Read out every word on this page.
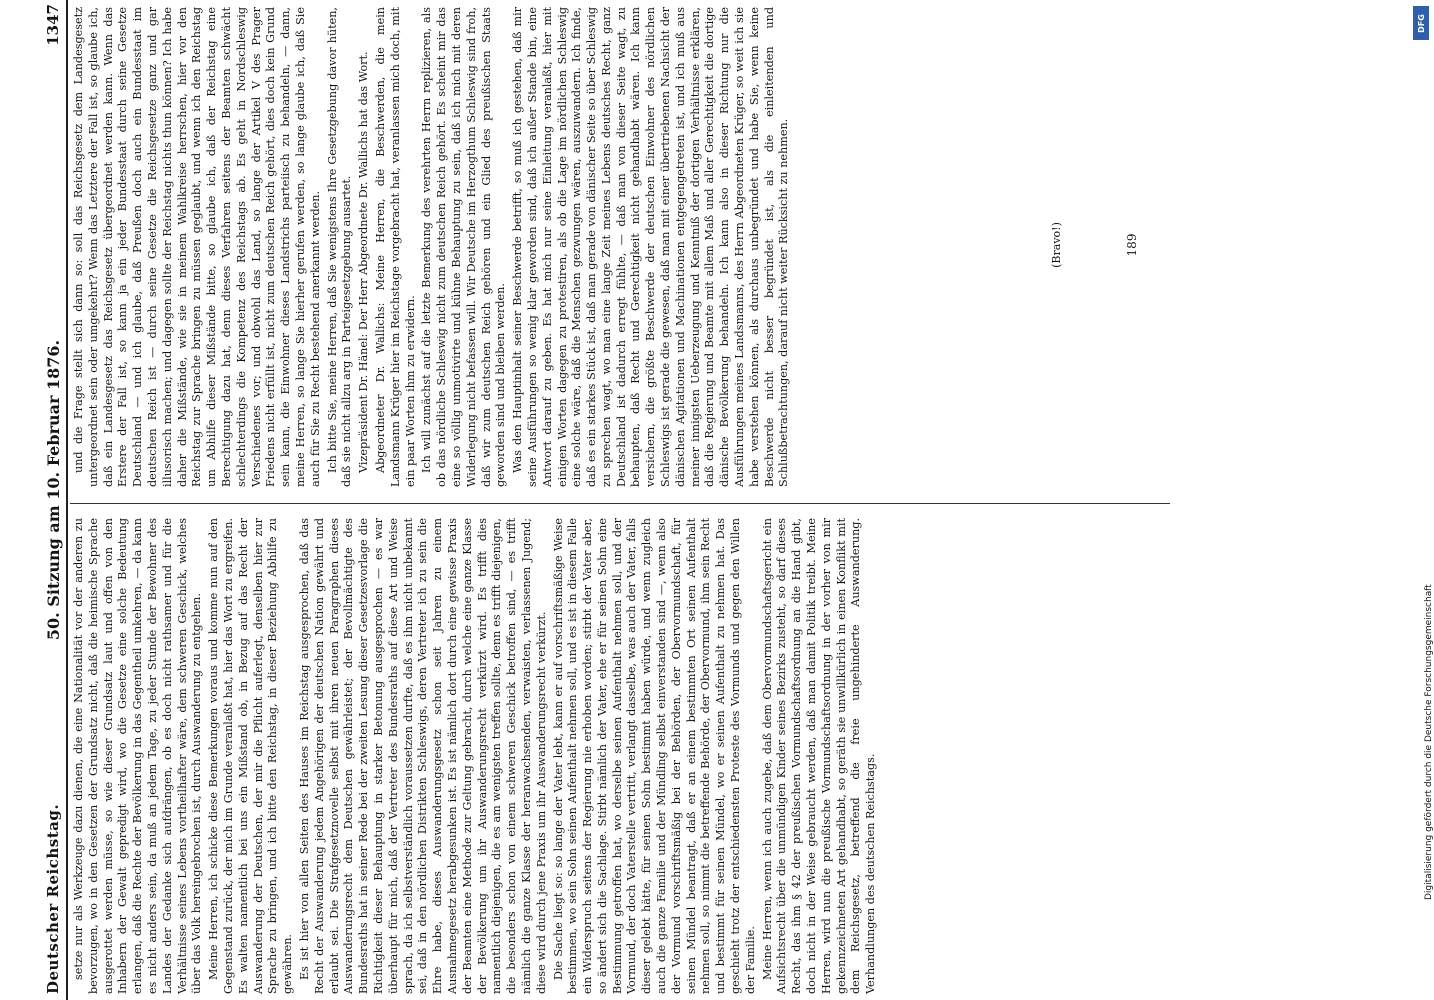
Deutscher Reichstag.
50. Sitzung am 10. Februar 1876.
1347

setze nur als Werkzeuge dazu dienen, die eine Nationalität vor der anderen zu bevorzugen, wo in den Gesetzen der Grundsatz nicht, daß die heimische Sprache ausgerottet werden müsse, so wie dieser Grundsatz laut und offen von den Inhabern der Gewalt gepredigt wird, wo die Gesetze eine solche Bedeutung erlangen, daß die Rechte der Bevölkerung in das Gegentheil umkehren, — da kann es nicht anders sein, da muß an jedem Tage, zu jeder Stunde der Bewohner des Landes der Gedanke sich aufdrängen, ob es doch nicht rathsamer und für die Verhältnisse seines Lebens vortheilhafter wäre, dem schweren Geschick, welches über das Volk hereingebrochen ist, durch Auswanderung zu entgehen. Meine Herren, ich schicke diese Bemerkungen voraus und komme nun auf den Gegenstand zurück, der mich im Grunde veranlaßt hat, hier das Wort zu ergreifen. Es walten namentlich bei uns ein Mißstand ob, in Bezug auf das Recht der Auswanderung der Deutschen, der mir die Pflicht auferlegt, denselben hier zur Sprache zu bringen, und ich bitte den Reichstag, in dieser Beziehung Abhilfe zu gewähren. Es ist hier von allen Seiten des Hauses im Reichstag ausgesprochen, daß das Recht der Auswanderung jedem Angehörigen der deutschen Nation gewährt und erlaubt sei. Die Strafgesetznovelle selbst mit ihren neuen Paragraphen dieses Auswanderungsrecht dem Deutschen gewährleistet; der Bevollmächtigte des Bundesraths hat in seiner Rede bei der zweiten Lesung dieser Gesetzesvorlage die Richtigkeit dieser Behauptung in starker Betonung ausgesprochen — es war überhaupt für mich, daß der Vertreter des Bundesraths auf diese Art und Weise sprach, da ich selbstverständlich voraussetzen durfte, daß es ihm nicht unbekannt sei, daß in den nördlichen Distrikten Schleswigs, deren Vertreter ich zu sein die Ehre habe, dieses Auswanderungsgesetz schon seit Jahren zu einem Ausnahmegesetz herabgesunken ist. Es ist nämlich dort durch eine gewisse Praxis der Beamten eine Methode zur Geltung gebracht, durch welche eine ganze Klasse der Bevölkerung um ihr Auswanderungsrecht verkürzt wird. Es trifft dies namentlich diejenigen, die es am wenigsten treffen sollte, denn es trifft diejenigen, die besonders schon von einem schweren Geschick betroffen sind, — es trifft nämlich die ganze Klasse der heranwachsenden, verwaisten, verlassenen Jugend; diese wird durch jene Praxis um ihr Auswanderungsrecht verkürzt. Die Sache liegt so: so lange der Vater lebt, kann er auf vorschriftsmäßige Weise bestimmen, wo sein Sohn seinen Aufenthalt nehmen soll, und es ist in diesem Falle ein Widerspruch seitens der Regierung nie erhoben worden; stirbt der Vater aber, so ändert sich die Sachlage. Stirbt nämlich der Vater, ehe er für seinen Sohn eine Bestimmung getroffen hat, wo derselbe seinen Aufenthalt nehmen soll, und der Vormund, der doch Vaterstelle vertritt, verlangt dasselbe, was auch der Vater, falls dieser gelebt hätte, für seinen Sohn bestimmt haben würde, und wenn zugleich auch die ganze Familie und der Mündling selbst einverstanden sind —, wenn also der Vormund vorschriftsmäßig bei der Behörden, der Obervormundschaft, für seinen Mündel beantragt, daß er an einem bestimmten Ort seinen Aufenthalt nehmen soll, so nimmt die betreffende Behörde, der Obervormund, ihm sein Recht und bestimmt für seinen Mündel, wo er seinen Aufenthalt zu nehmen hat. Das geschieht trotz der entschiedensten Proteste des Vormunds und gegen den Willen der Familie. Meine Herren, wenn ich auch zugebe, daß dem Obervormundschaftsgericht ein Aufsichtsrecht über die unmündigen Kinder seines Bezirks zusteht, so darf dieses Recht, das ihm § 42 der preußischen Vormundschaftsordnung an die Hand gibt, doch nicht in der Weise gebraucht werden, daß man damit Politik treibt. Meine Herren, wird nun die preußische Vormundschaftsordnung in der vorher von mir gekennzeichneten Art gehandhabt, so geräth sie unwillkürlich in einen Konflikt mit dem Reichsgesetz, betreffend die freie ungehinderte Auswanderung. Verhandlungen des deutschen Reichstags.

und die Frage stellt sich dann so: soll das Reichsgesetz dem Landesgesetz untergeordnet sein oder umgekehrt? Wenn das Letztere der Fall ist, so glaube ich, daß ein Landesgesetz das Reichsgesetz übergeordnet werden kann. Wenn das Erstere der Fall ist, so kann ja ein jeder Bundesstaat durch seine Gesetze Deutschland — und ich glaube, daß Preußen doch auch ein Bundesstaat im deutschen Reich ist — durch seine Gesetze die Reichsgesetze ganz und gar illusorisch machen; und dagegen sollte der Reichstag nichts thun können? Ich habe daher die Mißstände, wie sie in meinem Wahlkreise herrschen, hier vor den Reichstag zur Sprache bringen zu müssen geglaubt, und wenn ich den Reichstag um Abhilfe dieser Mißstände bitte, so glaube ich, daß der Reichstag eine Berechtigung dazu hat, denn dieses Verfahren seitens der Beamten schwächt schlechterdings die Kompetenz des Reichstags ab. Es geht in Nordschleswig Verschiedenes vor; und obwohl das Land, so lange der Artikel V des Prager Friedens nicht erfüllt ist, nicht zum deutschen Reich gehört, dies doch kein Grund sein kann, die Einwohner dieses Landstrichs parteiisch zu behandeln, — dann, meine Herren, so lange Sie hierher gerufen werden, so lange glaube ich, daß Sie auch für Sie zu Recht bestehend anerkannt werden. Ich bitte Sie, meine Herren, daß Sie wenigstens Ihre Gesetzgebung davor hüten, daß sie nicht allzu arg in Parteigesetzgebung ausartet. Vizepräsident Dr. Hänel: Der Herr Abgeordnete Dr. Wallichs hat das Wort. Abgeordneter Dr. Wallichs: Meine Herren, die Beschwerden, die mein Landsmann Krüger hier im Reichstage vorgebracht hat, veranlassen mich doch, mit ein paar Worten ihm zu erwidern. Ich will zunächst auf die letzte Bemerkung des verehrten Herrn replizieren, als ob das nördliche Schleswig nicht zum deutschen Reich gehört. Es scheint mir das eine so völlig unmotivirte und kühne Behauptung zu sein, daß ich mich mit deren Widerlegung nicht befassen will. Wir Deutsche im Herzogthum Schleswig sind froh, daß wir zum deutschen Reich gehören und ein Glied des preußischen Staats geworden sind und bleiben werden. Was den Hauptinhalt seiner Beschwerde betrifft, so muß ich gestehen, daß mir seine Ausführungen so wenig klar geworden sind, daß ich außer Stande bin, eine Antwort darauf zu geben. Es hat mich nur seine Einleitung veranlaßt, hier mit einigen Worten dagegen zu protestiren, als ob die Lage im nördlichen Schleswig eine solche wäre, daß die Menschen gezwungen wären, auszuwandern. Ich finde, daß es ein starkes Stück ist, daß man gerade von dänischer Seite so über Schleswig zu sprechen wagt, wo man eine lange Zeit meines Lebens deutsches Recht, ganz Deutschland ist dadurch erregt fühlte, — daß man von dieser Seite wagt, zu behaupten, daß Recht und Gerechtigkeit nicht gehandhabt wären. Ich kann versichern, die größte Beschwerde der deutschen Einwohner des nördlichen Schleswigs ist gerade die gewesen, daß man mit einer übertriebenen Nachsicht der dänischen Agitationen und Machinationen entgegengetreten ist, und ich muß aus meiner innigsten Ueberzeugung und Kenntniß der dortigen Verhältnisse erklären, daß die Regierung und Beamte mit allem Maß und aller Gerechtigkeit die dortige dänische Bevölkerung behandeln. Ich kann also in dieser Richtung nur die Ausführungen meines Landsmanns, des Herrn Abgeordneten Krüger, so weit ich sie habe verstehen können, als durchaus unbegründet und habe Sie, wenn keine Beschwerde nicht besser begründet ist, als die einleitenden und Schlußbetrachtungen, darauf nicht weiter Rücksicht zu nehmen.	(Bravo!)	189
DFG
Digitalisierung gefördert durch die Deutsche Forschungsgemeinschaft
